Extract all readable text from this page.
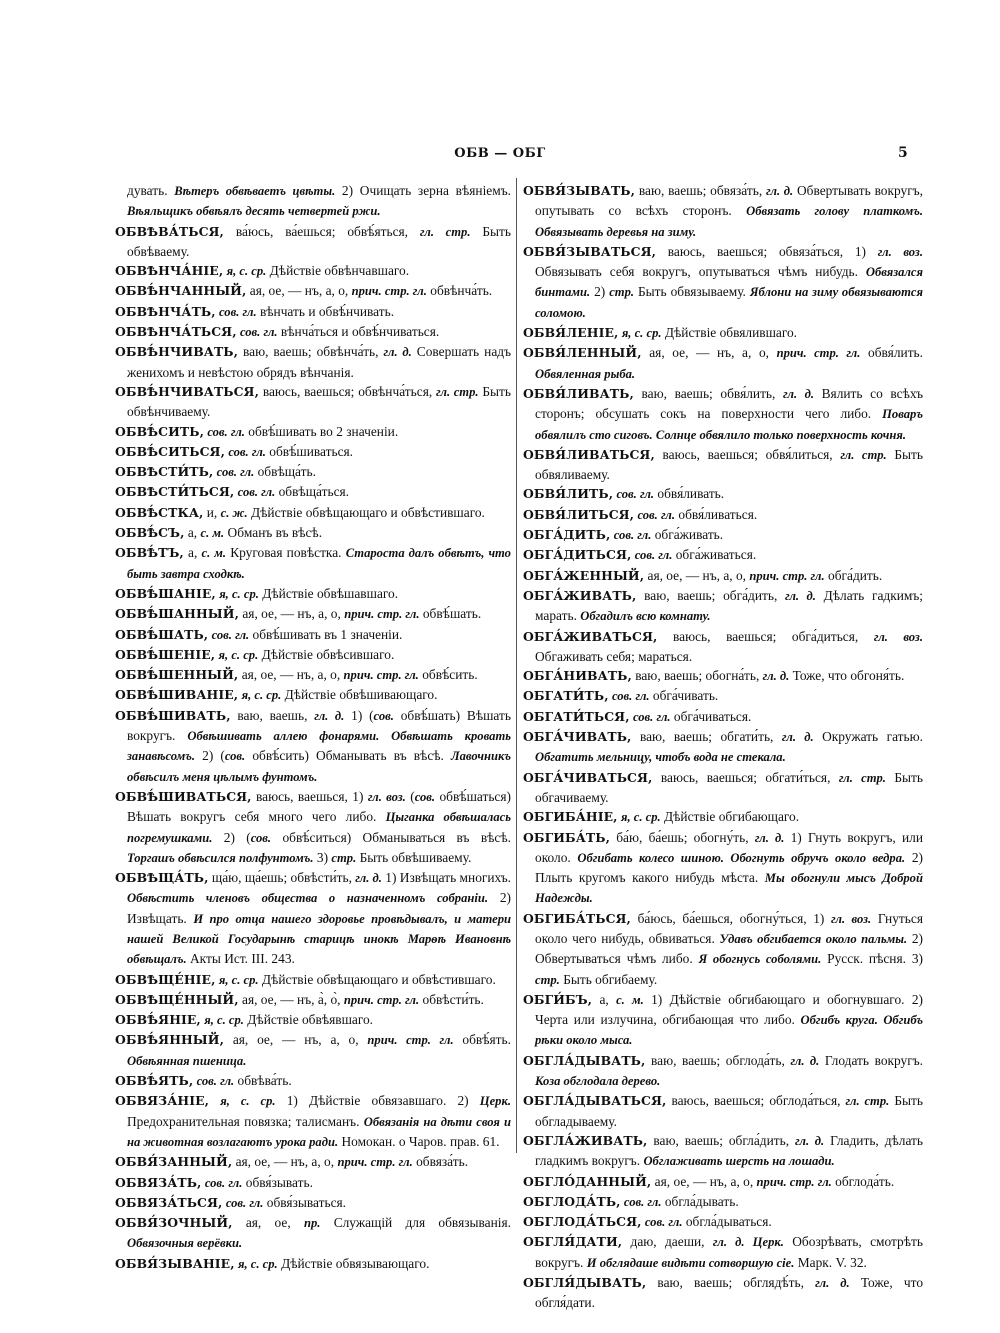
ОБВ — ОБГ	5

дувать. Вѣтеръ обвѣваетъ цвѣты. 2) Очищать зерна вѣяніемъ. Вѣяльщикъ обвѣялъ десять четвертей ржи.

ОБВѢВА́ТЬСЯ, ва́юсь, ва́ешься; обвѣ́яться, гл. стр. Быть обвѣваему.

ОБВѢНЧА́НІЕ, я, с. ср. Дѣйствіе обвѣнчавшаго.

ОБВѢ́НЧАННЫЙ, ая, ое, — нъ, а, о, прич. стр. гл. обвѣнча́ть.

ОБВѢНЧА́ТЬ, сов. гл. вѣнчать и обвѣ́нчивать.

ОБВѢНЧА́ТЬСЯ, сов. гл. вѣнча́ться и обвѣ́нчиваться.

ОБВѢ́НЧИВАТЬ, ваю, ваешь; обвѣнча́ть, гл. д. Совершать надъ женихомъ и невѣстою обрядъ вѣнчанія.

ОБВѢ́НЧИВАТЬСЯ, ваюсь, ваешься; обвѣнча́ться, гл. стр. Быть обвѣнчиваему.

ОБВѢ́СИТЬ, сов. гл. обвѣ́шивать во 2 значеніи.

ОБВѢ́СИТЬСЯ, сов. гл. обвѣ́шиваться.

ОБВѢСТИ́ТЬ, сов. гл. обвѣща́ть.

ОБВѢСТИ́ТЬСЯ, сов. гл. обвѣща́ться.

ОБВѢ́СТКА, и, с. ж. Дѣйствіе обвѣщающаго и обвѣстившаго.

ОБВѢ́СЪ, а, с. м. Обманъ въ вѣсѣ.

ОБВѢ́ТЪ, а, с. м. Круговая повѣстка. Староста далъ обвѣтъ, что быть завтра сходкѣ.

ОБВѢ́ШАНІЕ, я, с. ср. Дѣйствіе обвѣшавшаго.

ОБВѢ́ШАННЫЙ, ая, ое, — нъ, а, о, прич. стр. гл. обвѣ́шать.

ОБВѢ́ШАТЬ, сов. гл. обвѣ́шивать въ 1 значеніи.

ОБВѢ́ШЕНІЕ, я, с. ср. Дѣйствіе обвѣсившаго.

ОБВѢ́ШЕННЫЙ, ая, ое, — нъ, а, о, прич. стр. гл. обвѣ́сить.

ОБВѢ́ШИВАНІЕ, я, с. ср. Дѣйствіе обвѣшивающаго.

ОБВѢ́ШИВАТЬ, ваю, ваешь, гл. д. 1) (сов. обвѣ́шать) Вѣшать вокругъ. Обвѣшивать аллею фонарями. Обвѣшать кровать занавѣсомъ. 2) (сов. обвѣ́сить) Обманывать въ вѣсѣ. Лавочникъ обвѣсилъ меня цѣлымъ фунтомъ.

ОБВѢ́ШИВАТЬСЯ, ваюсь, ваешься, 1) гл. воз. (сов. обвѣ́шаться) Вѣшать вокругъ себя много чего либо. Цыганка обвѣшалась погремушками. 2) (сов. обвѣ́ситься) Обманываться въ вѣсѣ. Торгашъ обвѣсился полфунтомъ. 3) стр. Быть обвѣшиваему.

ОБВѢЩА́ТЬ, ща́ю, ща́ешь; обвѣсти́ть, гл. д. 1) Извѣщать многихъ. Обвѣстить членовъ общества о назначенномъ собраніи. 2) Извѣщать. И про отца нашего здоровье провѣдывалъ, и матери нашей Великой Государынѣ старицѣ инокѣ Марѳѣ Ивановнѣ обвѣщалъ. Акты Ист. III. 243.

ОБВѢЩЕ́НІЕ, я, с. ср. Дѣйствіе обвѣщающаго и обвѣстившаго.

ОБВѢЩЕ́ННЫЙ, ая, ое, — нъ, а̀, о̀, прич. стр. гл. обвѣсти́ть.

ОБВѢ́ЯНІЕ, я, с. ср. Дѣйствіе обвѣявшаго.

ОБВѢ́ЯННЫЙ, ая, ое, — нъ, а, о, прич. стр. гл. обвѣ́ять. Обвѣянная пшеница.

ОБВѢ́ЯТЬ, сов. гл. обвѣва́ть.

ОБВЯЗА́НІЕ, я, с. ср. 1) Дѣйствіе обвязавшаго. 2) Церк. Предохранительная повязка; талисманъ. Обвязанія на дѣти своя и на животная возлагаютъ урока ради. Номокан. о Чаров. прав. 61.

ОБВЯ́ЗАННЫЙ, ая, ое, — нъ, а, о, прич. стр. гл. обвяза́ть.

ОБВЯЗА́ТЬ, сов. гл. обвя́зывать.

ОБВЯЗА́ТЬСЯ, сов. гл. обвя́зываться.

ОБВЯ́ЗОЧНЫЙ, ая, ое, пр. Служащій для обвязыванія. Обвязочныя верёвки.

ОБВЯ́ЗЫВАНІЕ, я, с. ср. Дѣйствіе обвязывающаго.

ОБВЯ́ЗЫВАТЬ, ваю, ваешь; обвяза́ть, гл. д. Обвертывать вокругъ, опутывать со всѣхъ сторонъ. Обвязать голову платкомъ. Обвязывать деревья на зиму.

ОБВЯ́ЗЫВАТЬСЯ, ваюсь, ваешься; обвяза́ться, 1) гл. воз. Обвязывать себя вокругъ, опутываться чѣмъ нибудь. Обвязался бинтами. 2) стр. Быть обвязываему. Яблони на зиму обвязываются соломою.

ОБВЯ́ЛЕНІЕ, я, с. ср. Дѣйствіе обвялившаго.

ОБВЯ́ЛЕННЫЙ, ая, ое, — нъ, а, о, прич. стр. гл. обвя́лить. Обвяленная рыба.

ОБВЯ́ЛИВАТЬ, ваю, ваешь; обвя́лить, гл. д. Вялить со всѣхъ сторонъ; обсушать сокъ на поверхности чего либо. Поваръ обвялилъ сто сиговъ. Солнце обвялило только поверхность кочня.

ОБВЯ́ЛИВАТЬСЯ, ваюсь, ваешься; обвя́литься, гл. стр. Быть обвяливаему.

ОБВЯ́ЛИТЬ, сов. гл. обвя́ливать.

ОБВЯ́ЛИТЬСЯ, сов. гл. обвя́ливаться.

ОБГА́ДИТЬ, сов. гл. обга́живать.

ОБГА́ДИТЬСЯ, сов. гл. обга́живаться.

ОБГА́ЖЕННЫЙ, ая, ое, — нъ, а, о, прич. стр. гл. обга́дить.

ОБГА́ЖИВАТЬ, ваю, ваешь; обга́дить, гл. д. Дѣлать гадкимъ; марать. Обгадилъ всю комнату.

ОБГА́ЖИВАТЬСЯ, ваюсь, ваешься; обга́диться, гл. воз. Обгаживать себя; мараться.

ОБГА́НИВАТЬ, ваю, ваешь; обогна́ть, гл. д. Тоже, что обгоня́ть.

ОБГАТИ́ТЬ, сов. гл. обга́чивать.

ОБГАТИ́ТЬСЯ, сов. гл. обга́чиваться.

ОБГА́ЧИВАТЬ, ваю, ваешь; обгати́ть, гл. д. Окружать гатью. Обгатить мельницу, чтобъ вода не стекала.

ОБГА́ЧИВАТЬСЯ, ваюсь, ваешься; обгати́ться, гл. стр. Быть обгачиваему.

ОБГИБА́НІЕ, я, с. ср. Дѣйствіе обгибающаго.

ОБГИБА́ТЬ, ба́ю, ба́ешь; обогну́ть, гл. д. 1) Гнуть вокругъ, или около. Обгибать колесо шиною. Обогнуть обручъ около ведра. 2) Плыть кругомъ какого нибудь мѣста. Мы обогнули мысъ Доброй Надежды.

ОБГИБА́ТЬСЯ, ба́юсь, ба́ешься, обогну́ться, 1) гл. воз. Гнуться около чего нибудь, обвиваться. Удавъ обгибается около пальмы. 2) Обвертываться чѣмъ либо. Я обогнусь соболями. Русск. пѣсня. 3) стр. Быть обгибаему.

ОБГИ́БЪ, а, с. м. 1) Дѣйствіе обгибающаго и обогнувшаго. 2) Черта или излучина, обгибающая что либо. Обгибъ круга. Обгибъ рѣки около мыса.

ОБГЛА́ДЫВАТЬ, ваю, ваешь; обглода́ть, гл. д. Глодать вокругъ. Коза обглодала дерево.

ОБГЛА́ДЫВАТЬСЯ, ваюсь, ваешься; обглода́ться, гл. стр. Быть обгладываему.

ОБГЛА́ЖИВАТЬ, ваю, ваешь; обгла́дить, гл. д. Гладить, дѣлать гладкимъ вокругъ. Обглаживать шерсть на лошади.

ОБГЛО́ДАННЫЙ, ая, ое, — нъ, а, о, прич. стр. гл. обглода́ть.

ОБГЛОДА́ТЬ, сов. гл. обгла́дывать.

ОБГЛОДА́ТЬСЯ, сов. гл. обгла́дываться.

ОБГЛЯ́ДАТИ, даю, даеши, гл. д. Церк. Обозрѣвать, смотрѣть вокругъ. И обглядаше видѣти сотворшую сіе. Марк. V. 32.

ОБГЛЯ́ДЫВАТЬ, ваю, ваешь; обглядѣ́ть, гл. д. Тоже, что обгля́дати.
